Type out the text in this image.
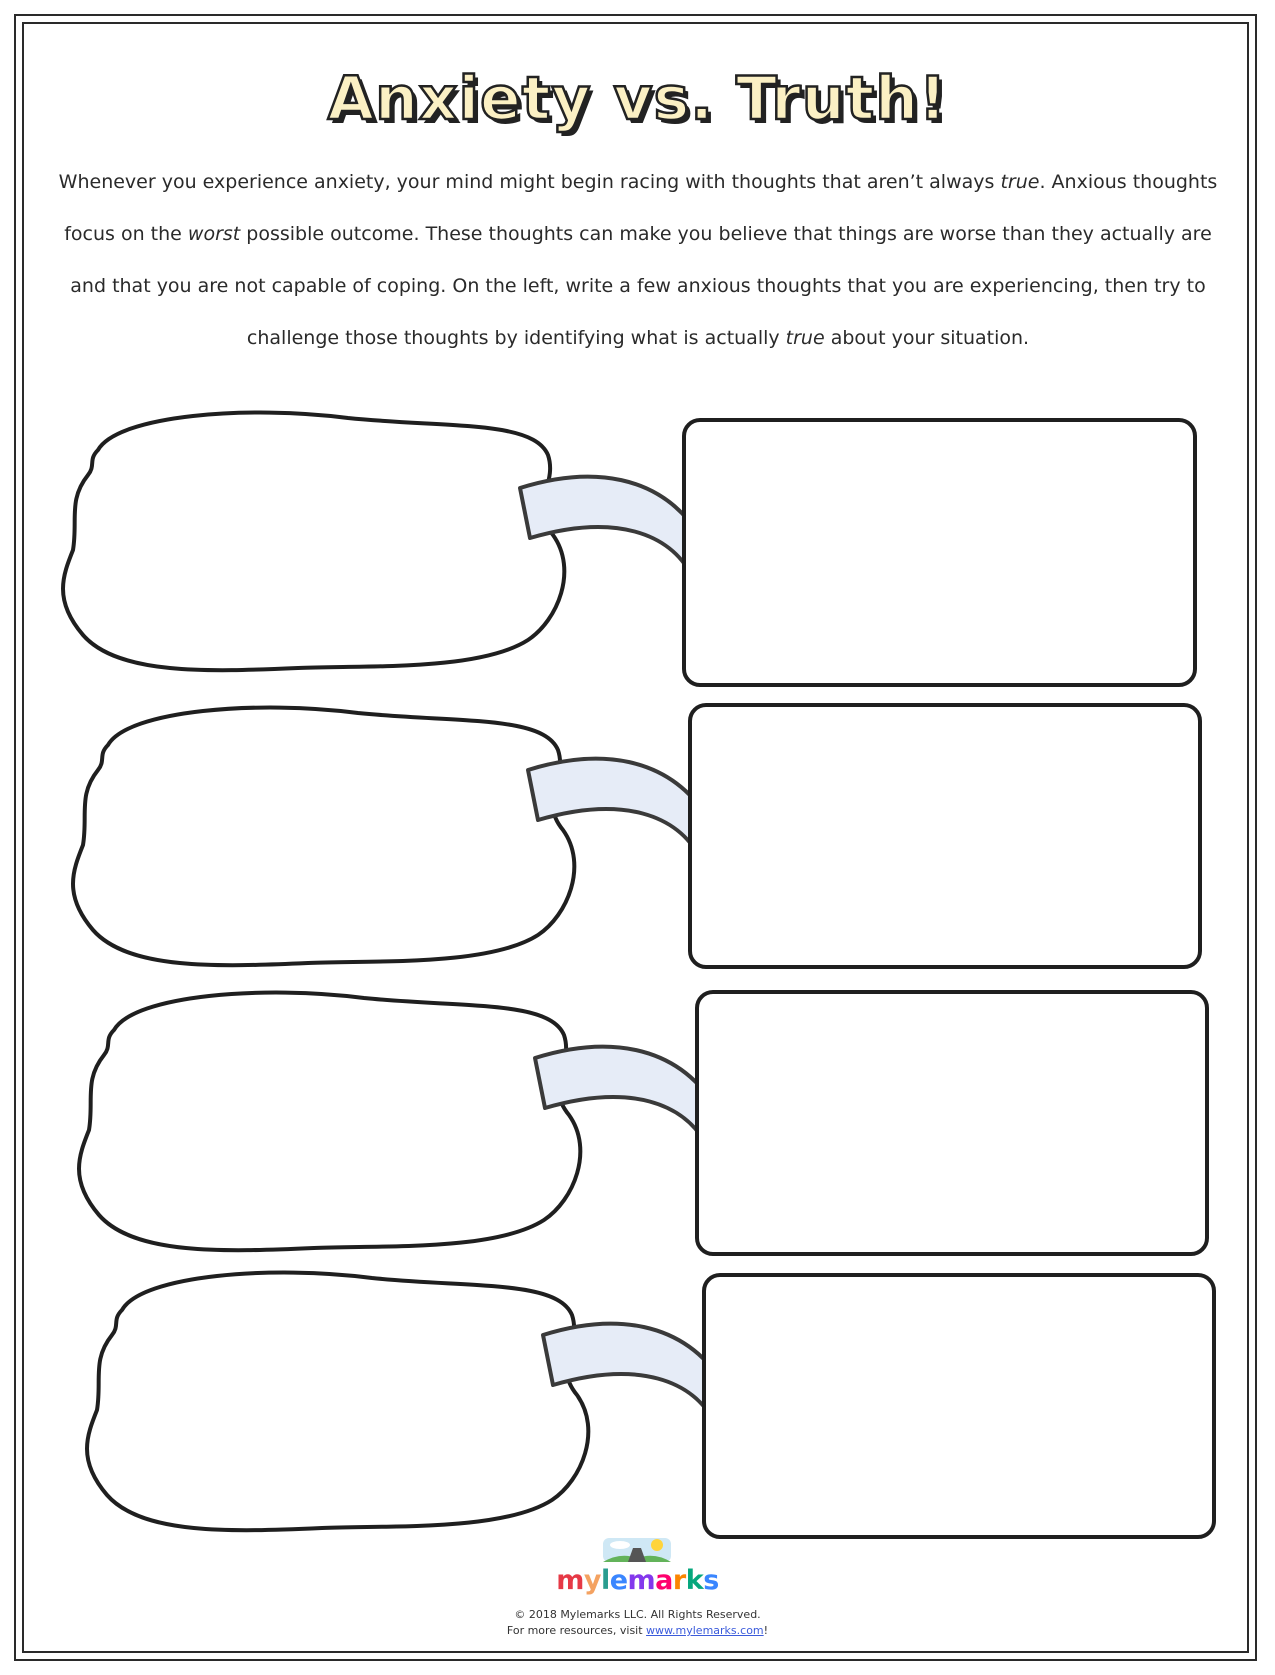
Anxiety vs. Truth!
Whenever you experience anxiety, your mind might begin racing with thoughts that aren’t always true. Anxious thoughts focus on the worst possible outcome. These thoughts can make you believe that things are worse than they actually are and that you are not capable of coping. On the left, write a few anxious thoughts that you are experiencing, then try to challenge those thoughts by identifying what is actually true about your situation.
mylemarks
© 2018 Mylemarks LLC. All Rights Reserved.
For more resources, visit www.mylemarks.com!
